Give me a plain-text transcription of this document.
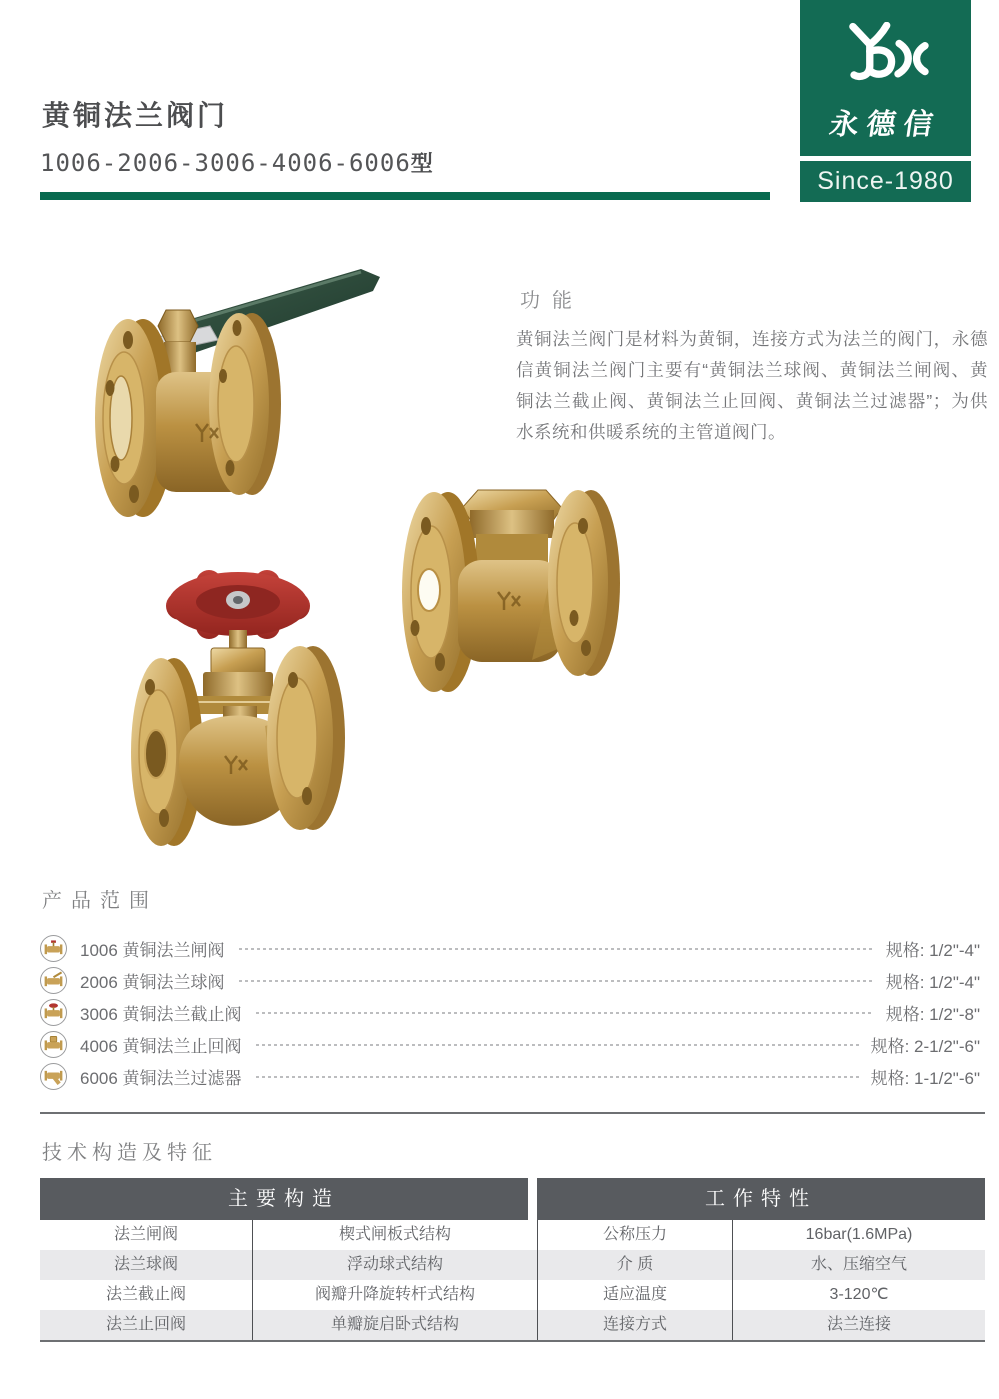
黄铜法兰阀门
1006-2006-3006-4006-6006型
永德信
Since-1980
功能
黄铜法兰阀门是材料为黄铜，连接方式为法兰的阀门，永德信黄铜法兰阀门主要有“黄铜法兰球阀、黄铜法兰闸阀、黄铜法兰截止阀、黄铜法兰止回阀、黄铜法兰过滤器”；为供水系统和供暖系统的主管道阀门。
产品范围
1006 黄铜法兰闸阀	规格: 1/2"-4"
2006 黄铜法兰球阀	规格: 1/2"-4"
3006 黄铜法兰截止阀	规格: 1/2"-8"
4006 黄铜法兰止回阀	规格: 2-1/2"-6"
6006 黄铜法兰过滤器	规格: 1-1/2"-6"
技术构造及特征
主要构造	工作特性
法兰闸阀	楔式闸板式结构	公称压力	16bar(1.6MPa)
法兰球阀	浮动球式结构	介 质	水、压缩空气
法兰截止阀	阀瓣升降旋转杆式结构	适应温度	3-120℃
法兰止回阀	单瓣旋启卧式结构	连接方式	法兰连接
